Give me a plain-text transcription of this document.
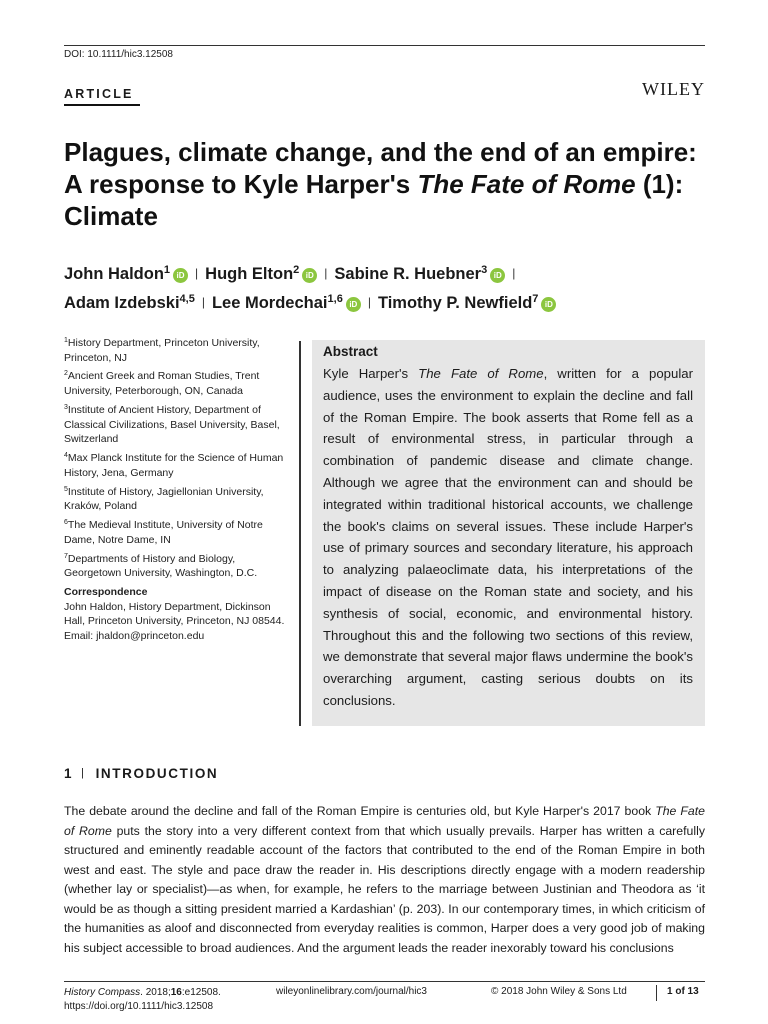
DOI: 10.1111/hic3.12508
ARTICLE	WILEY
Plagues, climate change, and the end of an empire:
A response to Kyle Harper's The Fate of Rome (1):
Climate
John Haldon$^1$ iD | Hugh Elton$^2$ iD | Sabine R. Huebner$^3$ iD |
Adam Izdebski$^{4,5}$ | Lee Mordechai$^{1,6}$ iD | Timothy P. Newfield$^7$ iD

$^1$History Department, Princeton University, Princeton, NJ

$^2$Ancient Greek and Roman Studies, Trent University, Peterborough, ON, Canada

$^3$Institute of Ancient History, Department of Classical Civilizations, Basel University, Basel, Switzerland

$^4$Max Planck Institute for the Science of Human History, Jena, Germany

$^5$Institute of History, Jagiellonian University, Kraków, Poland

$^6$The Medieval Institute, University of Notre Dame, Notre Dame, IN

$^7$Departments of History and Biology, Georgetown University, Washington, D.C.

Correspondence
John Haldon, History Department, Dickinson Hall, Princeton University, Princeton, NJ 08544.
Email: jhaldon@princeton.edu
Abstract
Kyle Harper's The Fate of Rome, written for a popular audience, uses the environment to explain the decline and fall of the Roman Empire. The book asserts that Rome fell as a result of environmental stress, in particular through a combination of pandemic disease and climate change. Although we agree that the environment can and should be integrated within traditional historical accounts, we challenge the book's claims on several issues. These include Harper's use of primary sources and secondary literature, his approach to analyzing palaeoclimate data, his interpretations of the impact of disease on the Roman state and society, and his synthesis of social, economic, and environmental history. Throughout this and the following two sections of this review, we demonstrate that several major flaws undermine the book's overarching argument, casting serious doubts on its conclusions.
1 | INTRODUCTION
The debate around the decline and fall of the Roman Empire is centuries old, but Kyle Harper's 2017 book The Fate of Rome puts the story into a very different context from that which usually prevails. Harper has written a carefully structured and eminently readable account of the factors that contributed to the end of the Roman Empire in both west and east. The style and pace draw the reader in. His descriptions directly engage with a modern readership (whether lay or specialist)—as when, for example, he refers to the marriage between Justinian and Theodora as ‘it would be as though a sitting president married a Kardashian’ (p. 203). In our contemporary times, in which criticism of the humanities as aloof and disconnected from everyday realities is common, Harper does a very good job of making his subject accessible to broad audiences. And the argument leads the reader inexorably toward his conclusions
History Compass. 2018;16:e12508.
https://doi.org/10.1111/hic3.12508
wileyonlinelibrary.com/journal/hic3	© 2018 John Wiley & Sons Ltd	1 of 13
